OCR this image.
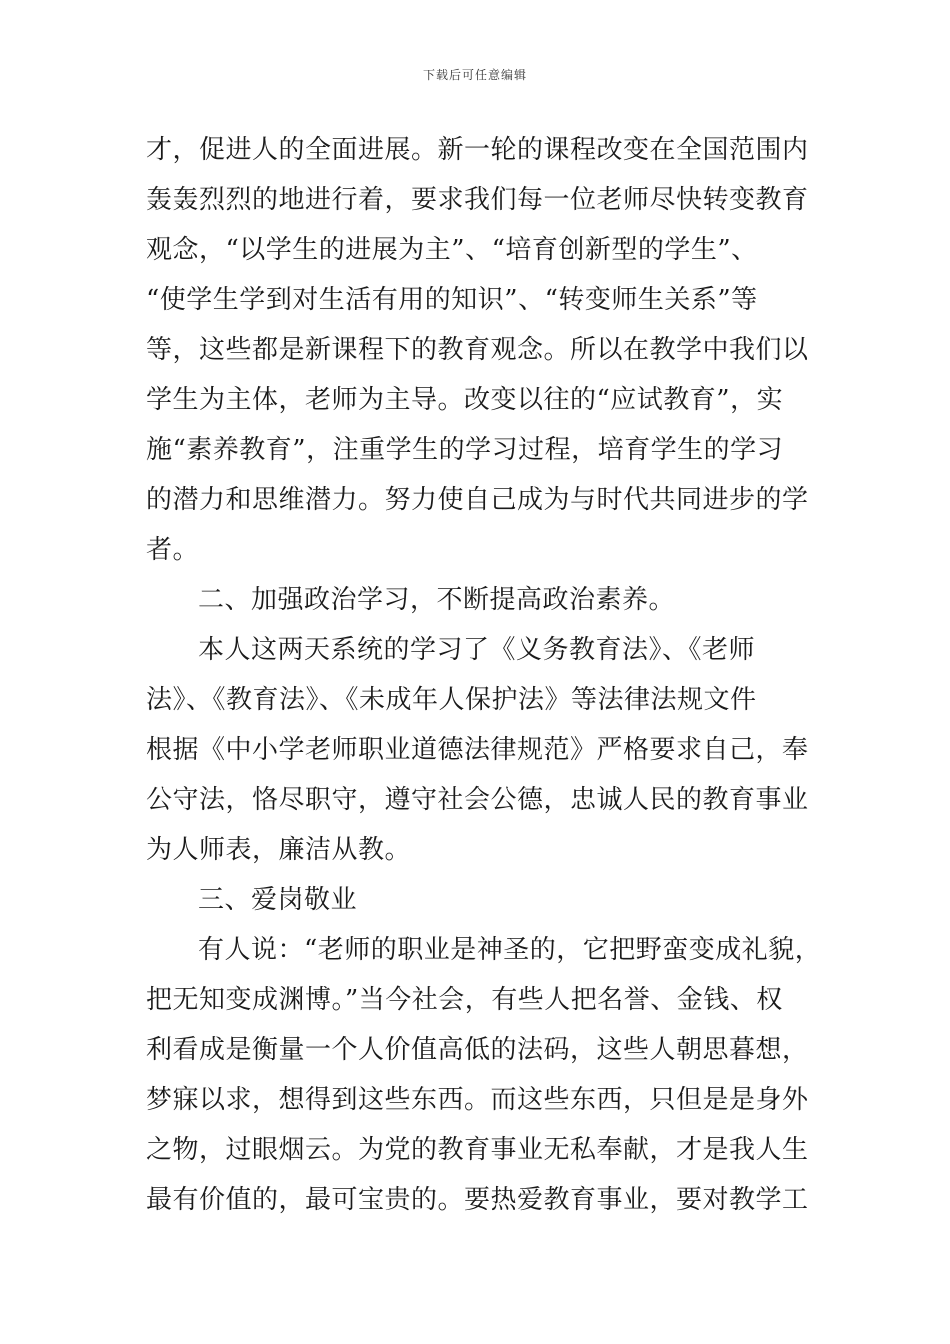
下载后可任意编辑
才，促进人的全面进展。新一轮的课程改变在全国范围内
轰轰烈烈的地进行着，要求我们每一位老师尽快转变教育
观念，“以学生的进展为主”、“培育创新型的学生”、
“使学生学到对生活有用的知识”、“转变师生关系”等
等，这些都是新课程下的教育观念。所以在教学中我们以
学生为主体，老师为主导。改变以往的“应试教育”，实
施“素养教育”，注重学生的学习过程，培育学生的学习
的潜力和思维潜力。努力使自己成为与时代共同进步的学
者。
二、加强政治学习，不断提高政治素养。
本人这两天系统的学习了《义务教育法》、《老师
法》、《教育法》、《未成年人保护法》等法律法规文件
根据《中小学老师职业道德法律规范》严格要求自己，奉
公守法，恪尽职守，遵守社会公德，忠诚人民的教育事业
为人师表，廉洁从教。
三、爱岗敬业
有人说：“老师的职业是神圣的，它把野蛮变成礼貌，
把无知变成渊博。”当今社会，有些人把名誉、金钱、权
利看成是衡量一个人价值高低的法码，这些人朝思暮想，
梦寐以求，想得到这些东西。而这些东西，只但是是身外
之物，过眼烟云。为党的教育事业无私奉献，才是我人生
最有价值的，最可宝贵的。要热爱教育事业，要对教学工
